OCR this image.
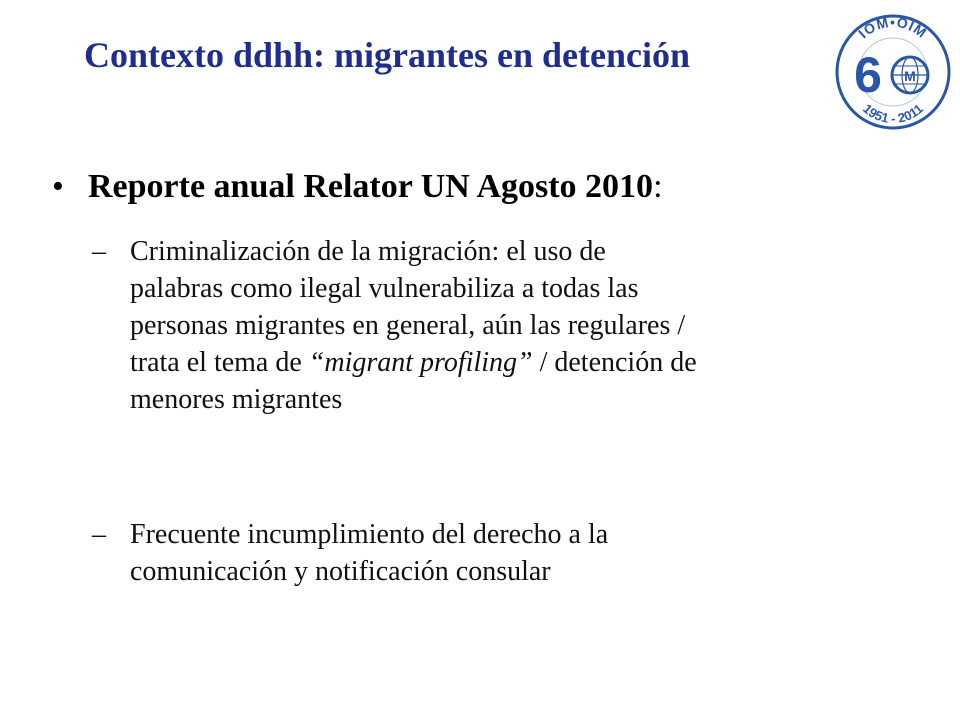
Contexto ddhh: migrantes en detención
IOM•OIM
1951 - 2011
6 M
• Reporte anual Relator UN Agosto 2010:
– Criminalización de la migración: el uso de
palabras como ilegal vulnerabiliza a todas las
personas migrantes en general, aún las regulares /
trata el tema de “migrant profiling” / detención de
menores migrantes
– Frecuente incumplimiento del derecho a la
comunicación y notificación consular
